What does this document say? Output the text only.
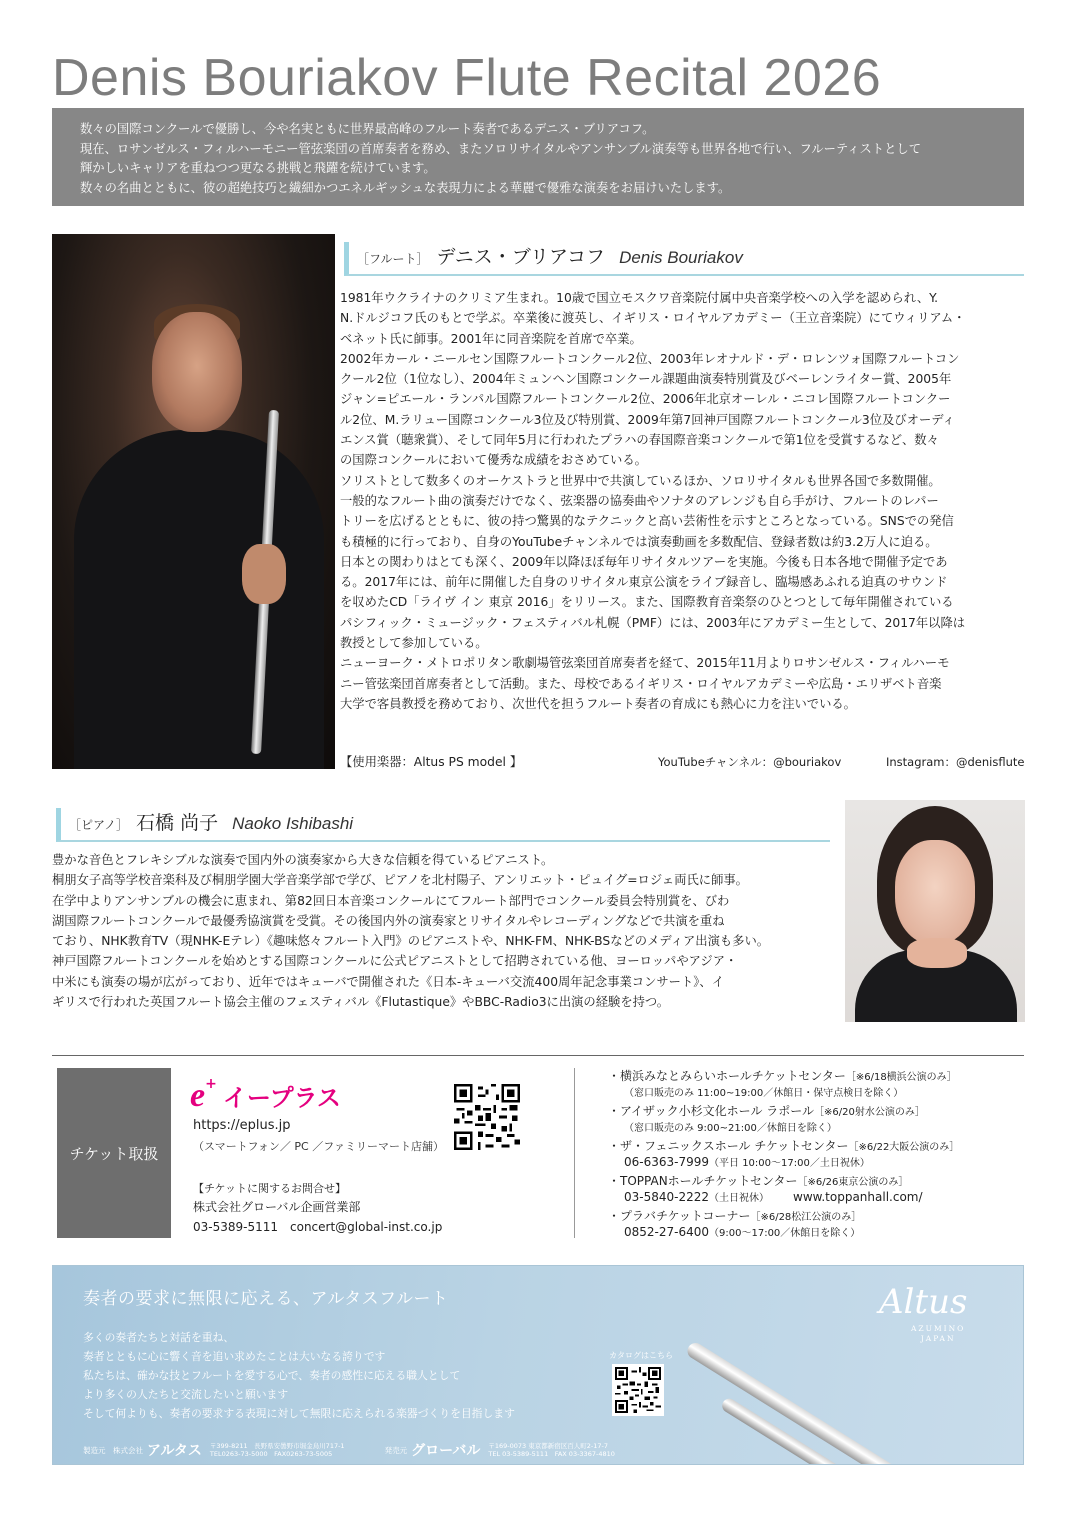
Denis Bouriakov Flute Recital 2026

数々の国際コンクールで優勝し、今や名実ともに世界最高峰のフルート奏者であるデニス・ブリアコフ。

現在、ロサンゼルス・フィルハーモニー管弦楽団の首席奏者を務め、またソロリサイタルやアンサンブル演奏等も世界各地で行い、フルーティストとして

輝かしいキャリアを重ねつつ更なる挑戦と飛躍を続けています。

数々の名曲とともに、彼の超絶技巧と繊細かつエネルギッシュな表現力による華麗で優雅な演奏をお届けいたします。

［フルート］ デニス・ブリアコフ Denis Bouriakov

1981年ウクライナのクリミア生まれ。10歳で国立モスクワ音楽院付属中央音楽学校への入学を認められ、Y.

N.ドルジコフ氏のもとで学ぶ。卒業後に渡英し、イギリス・ロイヤルアカデミー（王立音楽院）にてウィリアム・

ベネット氏に師事。2001年に同音楽院を首席で卒業。

2002年カール・ニールセン国際フルートコンクール2位、2003年レオナルド・デ・ロレンツォ国際フルートコン

クール2位（1位なし）、2004年ミュンヘン国際コンクール課題曲演奏特別賞及びベーレンライター賞、2005年

ジャン=ピエール・ランパル国際フルートコンクール2位、2006年北京オーレル・ニコレ国際フルートコンクー

ル2位、M.ラリュー国際コンクール3位及び特別賞、2009年第7回神戸国際フルートコンクール3位及びオーディ

エンス賞（聴衆賞）、そして同年5月に行われたプラハの春国際音楽コンクールで第1位を受賞するなど、数々

の国際コンクールにおいて優秀な成績をおさめている。

ソリストとして数多くのオーケストラと世界中で共演しているほか、ソロリサイタルも世界各国で多数開催。

一般的なフルート曲の演奏だけでなく、弦楽器の協奏曲やソナタのアレンジも自ら手がけ、フルートのレパー

トリーを広げるとともに、彼の持つ驚異的なテクニックと高い芸術性を示すところとなっている。SNSでの発信

も積極的に行っており、自身のYouTubeチャンネルでは演奏動画を多数配信、登録者数は約3.2万人に迫る。

日本との関わりはとても深く、2009年以降ほぼ毎年リサイタルツアーを実施。今後も日本各地で開催予定であ

る。2017年には、前年に開催した自身のリサイタル東京公演をライブ録音し、臨場感あふれる迫真のサウンド

を収めたCD「ライヴ イン 東京 2016」をリリース。また、国際教育音楽祭のひとつとして毎年開催されている

パシフィック・ミュージック・フェスティバル札幌（PMF）には、2003年にアカデミー生として、2017年以降は

教授として参加している。

ニューヨーク・メトロポリタン歌劇場管弦楽団首席奏者を経て、2015年11月よりロサンゼルス・フィルハーモ

ニー管弦楽団首席奏者として活動。また、母校であるイギリス・ロイヤルアカデミーや広島・エリザベト音楽

大学で客員教授を務めており、次世代を担うフルート奏者の育成にも熱心に力を注いでいる。

【使用楽器：Altus PS model 】	YouTubeチャンネル：@bouriakov	Instagram：@denisflute
［ピアノ］ 石橋 尚子 Naoko Ishibashi

豊かな音色とフレキシブルな演奏で国内外の演奏家から大きな信頼を得ているピアニスト。

桐朋女子高等学校音楽科及び桐朋学園大学音楽学部で学び、ピアノを北村陽子、アンリエット・ピュイグ=ロジェ両氏に師事。

在学中よりアンサンブルの機会に恵まれ、第82回日本音楽コンクールにてフルート部門でコンクール委員会特別賞を、びわ

湖国際フルートコンクールで最優秀協演賞を受賞。その後国内外の演奏家とリサイタルやレコーディングなどで共演を重ね

ており、NHK教育TV（現NHK-Eテレ）《趣味悠々フルート入門》のピアニストや、NHK-FM、NHK-BSなどのメディア出演も多い。

神戸国際フルートコンクールを始めとする国際コンクールに公式ピアニストとして招聘されている他、ヨーロッパやアジア・

中米にも演奏の場が広がっており、近年ではキューバで開催された《日本-キューバ交流400周年記念事業コンサート》、イ

ギリスで行われた英国フルート協会主催のフェスティバル《Flutastique》やBBC-Radio3に出演の経験を持つ。

チケット取扱
e +
イープラス
https://eplus.jp
（スマートフォン／ PC ／ファミリーマート店舗）
【チケットに関するお問合せ】
株式会社グローバル企画営業部
03-5389-5111　concert@global-inst.co.jp
・横浜みなとみらいホールチケットセンター［※6/18横浜公演のみ］
（窓口販売のみ 11:00~19:00／休館日・保守点検日を除く）
・アイザック小杉文化ホール ラポール［※6/20射水公演のみ］
（窓口販売のみ 9:00~21:00／休館日を除く）
・ザ・フェニックスホール チケットセンター［※6/22大阪公演のみ］
06-6363-7999（平日 10:00～17:00／土日祝休）
・TOPPANホールチケットセンター［※6/26東京公演のみ］
03-5840-2222（土日祝休） www.toppanhall.com/
・プラバチケットコーナー［※6/28松江公演のみ］
0852-27-6400（9:00～17:00／休館日を除く）
奏者の要求に無限に応える、アルタスフルート

多くの奏者たちと対話を重ね、

奏者とともに心に響く音を追い求めたことは大いなる誇りです

私たちは、確かな技とフルートを愛する心で、奏者の感性に応える職人として

より多くの人たちと交流したいと願います

そして何よりも、奏者の要求する表現に対して無限に応えられる楽器づくりを目指します

カタログはこちら
Altus
AZUMINO
JAPAN
製造元　株式会社 アルタス 〒399-8211　長野県安曇野市堀金烏川717-1
TEL0263-73-5000　FAX0263-73-5005	発売元 グローバル 〒169-0073 東京都新宿区百人町2-17-7
TEL 03-5389-5111　FAX 03-3367-4810
